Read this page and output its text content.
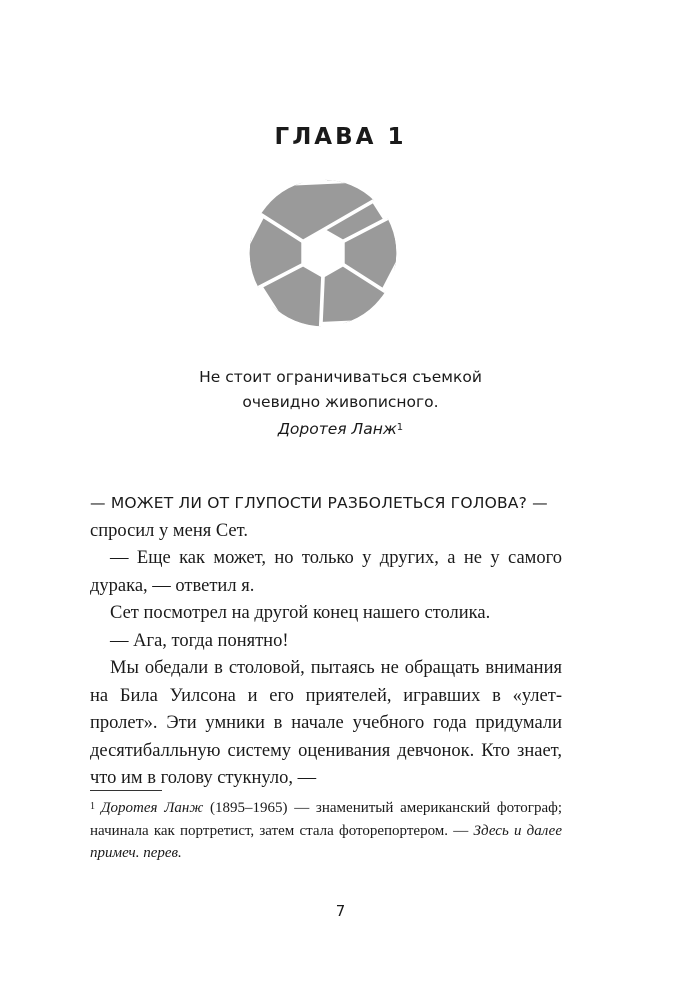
ГЛАВА 1
Не стоит ограничиваться съемкой
очевидно живописного.
Доротея Ланж$^1$

— МОЖЕТ ЛИ ОТ ГЛУПОСТИ РАЗБОЛЕТЬСЯ ГОЛОВА? —
спросил у меня Сет.

— Еще как может, но только у других, а не у самого дурака, — ответил я.

Сет посмотрел на другой конец нашего столика.

— Ага, тогда понятно!

Мы обедали в столовой, пытаясь не обращать внимания на Била Уилсона и его приятелей, игравших в «улет-пролет». Эти умники в начале учебного года придумали десятибалльную систему оценивания девчонок. Кто знает, что им в голову стукнуло, —

$^1$ Доротея Ланж (1895–1965) — знаменитый американский фотограф; начинала как портретист, затем стала фоторепортером. — Здесь и далее примеч. перев.
7
